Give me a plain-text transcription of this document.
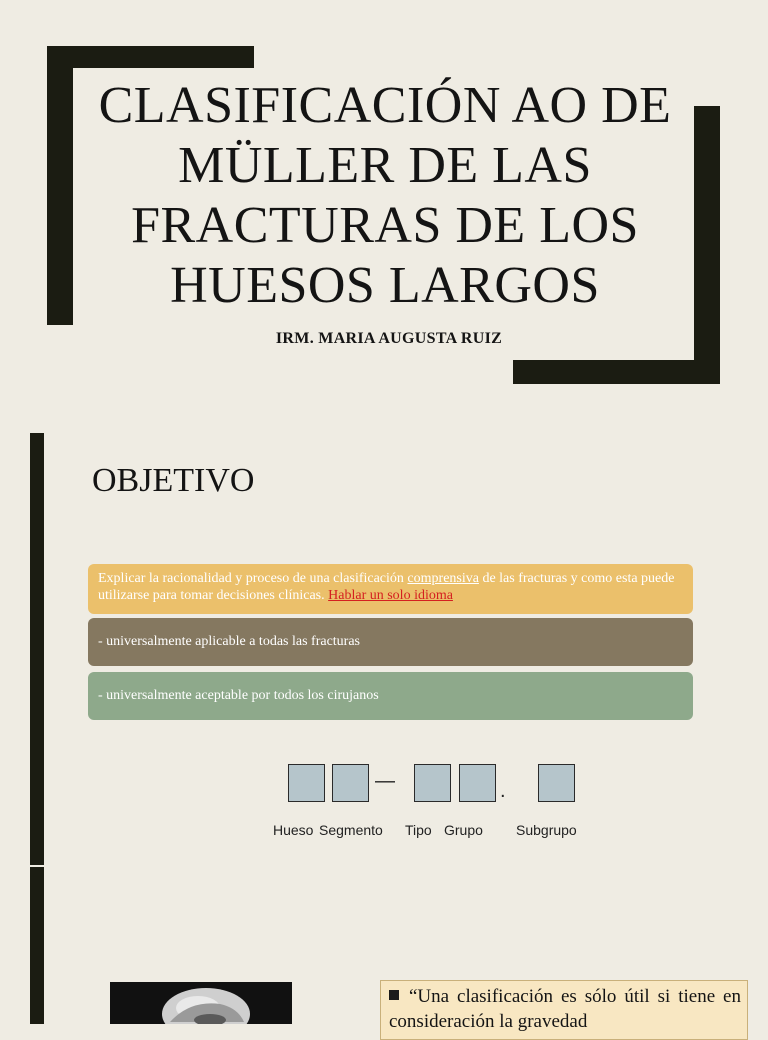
CLASIFICACIÓN AO DE
MÜLLER DE LAS
FRACTURAS DE LOS
HUESOS LARGOS
IRM. MARIA AUGUSTA RUIZ
OBJETIVO
Explicar la racionalidad y proceso de una clasificación comprensiva de las fracturas y como esta puede utilizarse para tomar decisiones clínicas. Hablar un solo idioma
- universalmente aplicable a todas las fracturas
- universalmente aceptable por todos los cirujanos
—	.
Hueso Segmento Tipo Grupo Subgrupo
“Una clasificación es sólo útil si tiene en consideración la gravedad
